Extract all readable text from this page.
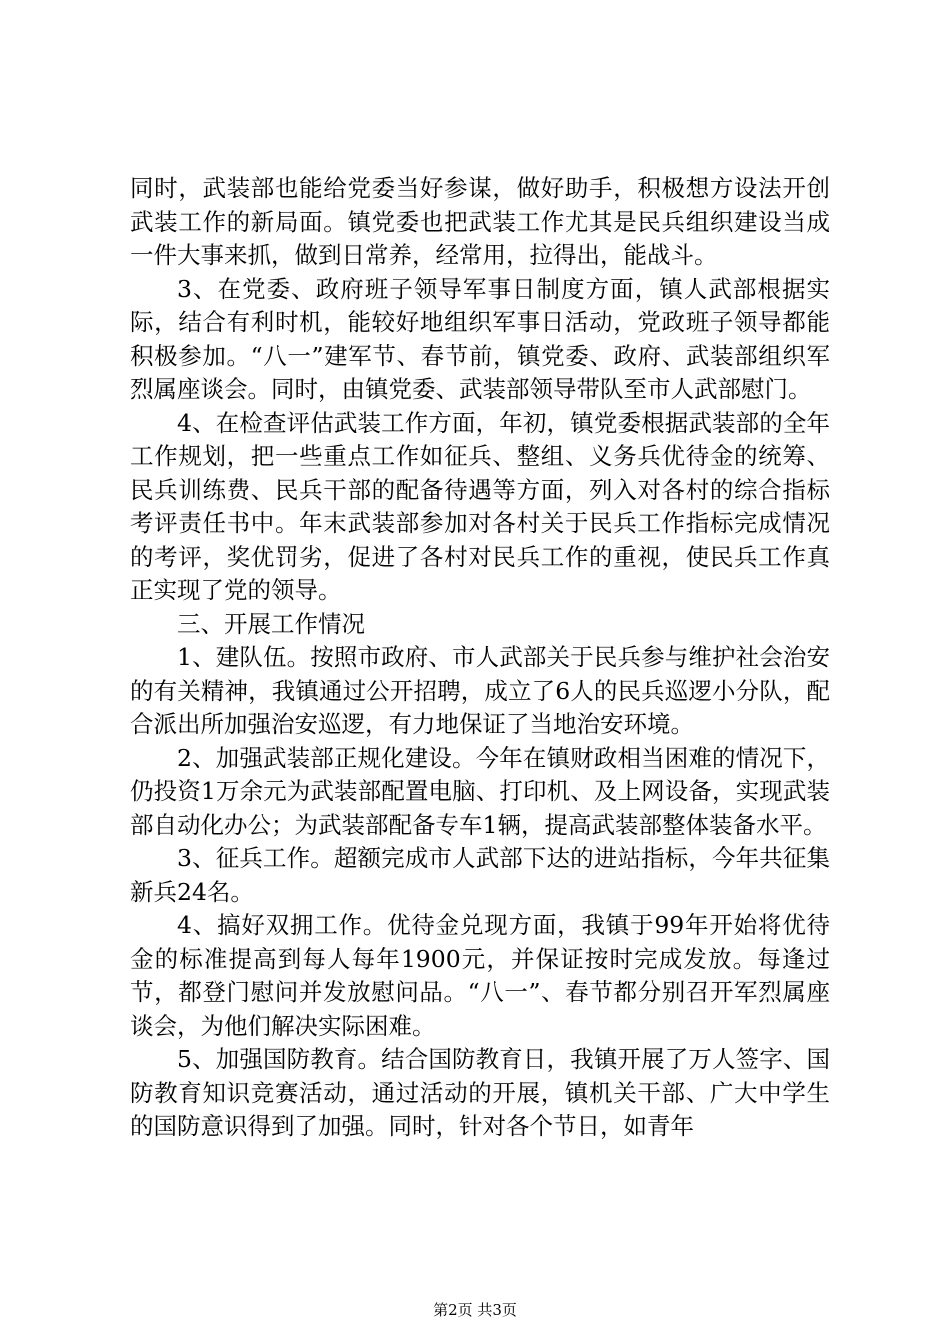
同时，武装部也能给党委当好参谋，做好助手，积极想方设法开创武装工作的新局面。镇党委也把武装工作尤其是民兵组织建设当成一件大事来抓，做到日常养，经常用，拉得出，能战斗。

3、在党委、政府班子领导军事日制度方面，镇人武部根据实际，结合有利时机，能较好地组织军事日活动，党政班子领导都能积极参加。“八一”建军节、春节前，镇党委、政府、武装部组织军烈属座谈会。同时，由镇党委、武装部领导带队至市人武部慰门。

4、在检查评估武装工作方面，年初，镇党委根据武装部的全年工作规划，把一些重点工作如征兵、整组、义务兵优待金的统筹、民兵训练费、民兵干部的配备待遇等方面，列入对各村的综合指标考评责任书中。年末武装部参加对各村关于民兵工作指标完成情况的考评，奖优罚劣，促进了各村对民兵工作的重视，使民兵工作真正实现了党的领导。

三、开展工作情况

1、建队伍。按照市政府、市人武部关于民兵参与维护社会治安的有关精神，我镇通过公开招聘，成立了6人的民兵巡逻小分队，配合派出所加强治安巡逻，有力地保证了当地治安环境。

2、加强武装部正规化建设。今年在镇财政相当困难的情况下，仍投资1万余元为武装部配置电脑、打印机、及上网设备，实现武装部自动化办公；为武装部配备专车1辆，提高武装部整体装备水平。

3、征兵工作。超额完成市人武部下达的进站指标，今年共征集新兵24名。

4、搞好双拥工作。优待金兑现方面，我镇于99年开始将优待金的标准提高到每人每年1900元，并保证按时完成发放。每逢过节，都登门慰问并发放慰问品。“八一”、春节都分别召开军烈属座谈会，为他们解决实际困难。

5、加强国防教育。结合国防教育日，我镇开展了万人签字、国防教育知识竞赛活动，通过活动的开展，镇机关干部、广大中学生的国防意识得到了加强。同时，针对各个节日，如青年

第2页 共3页
